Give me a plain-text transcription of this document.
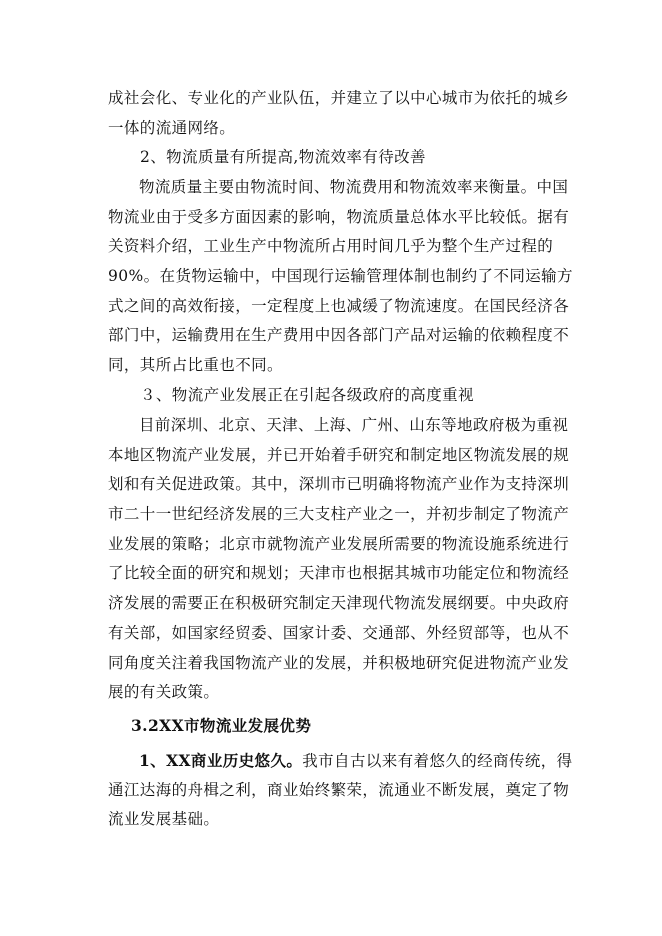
成社会化、专业化的产业队伍，并建立了以中心城市为依托的城乡
一体的流通网络。
2、物流质量有所提高,物流效率有待改善
物流质量主要由物流时间、物流费用和物流效率来衡量。中国
物流业由于受多方面因素的影响，物流质量总体水平比较低。据有
关资料介绍，工业生产中物流所占用时间几乎为整个生产过程的
90%。在货物运输中，中国现行运输管理体制也制约了不同运输方
式之间的高效衔接，一定程度上也减缓了物流速度。在国民经济各
部门中，运输费用在生产费用中因各部门产品对运输的依赖程度不
同，其所占比重也不同。
３、物流产业发展正在引起各级政府的高度重视
目前深圳、北京、天津、上海、广州、山东等地政府极为重视
本地区物流产业发展，并已开始着手研究和制定地区物流发展的规
划和有关促进政策。其中，深圳市已明确将物流产业作为支持深圳
市二十一世纪经济发展的三大支柱产业之一，并初步制定了物流产
业发展的策略；北京市就物流产业发展所需要的物流设施系统进行
了比较全面的研究和规划；天津市也根据其城市功能定位和物流经
济发展的需要正在积极研究制定天津现代物流发展纲要。中央政府
有关部，如国家经贸委、国家计委、交通部、外经贸部等，也从不
同角度关注着我国物流产业的发展，并积极地研究促进物流产业发
展的有关政策。
3.2XX市物流业发展优势
1、XX商业历史悠久。我市自古以来有着悠久的经商传统，得
通江达海的舟楫之利，商业始终繁荣，流通业不断发展，奠定了物
流业发展基础。
